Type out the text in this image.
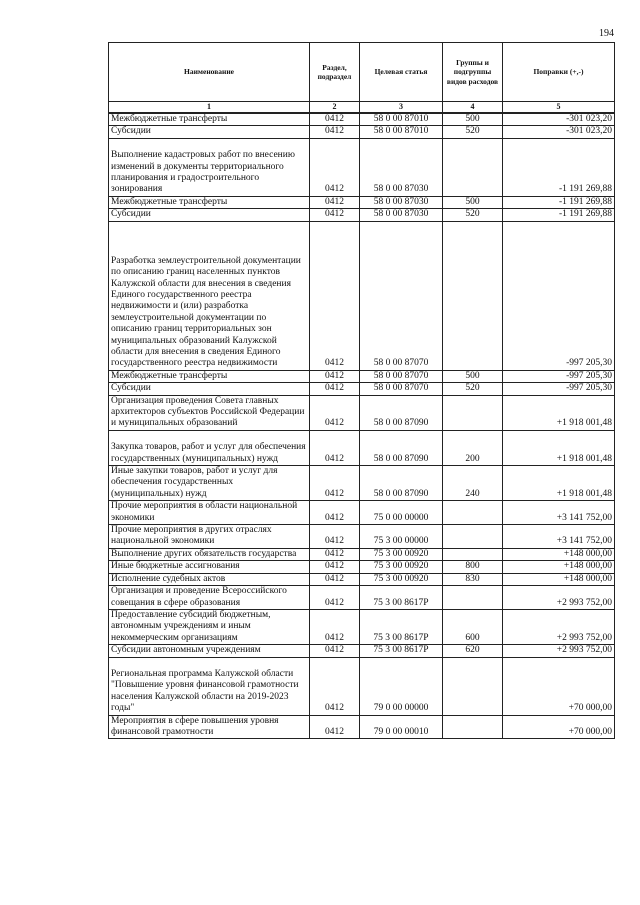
194
Наименование	Раздел, подраздел	Целевая статья	Группы и подгруппы видов расходов	Поправки (+,-)
1	2	3	4	5
Межбюджетные трансферты	0412	58 0 00 87010	500	-301 023,20
Субсидии	0412	58 0 00 87010	520	-301 023,20
Выполнение кадастровых работ по внесению изменений в документы территориального планирования и градостроительного зонирования	0412	58 0 00 87030		-1 191 269,88
Межбюджетные трансферты	0412	58 0 00 87030	500	-1 191 269,88
Субсидии	0412	58 0 00 87030	520	-1 191 269,88
Разработка землеустроительной документации по описанию границ населенных пунктов Калужской области для внесения в сведения Единого государственного реестра недвижимости и (или) разработка землеустроительной документации по описанию границ территориальных зон муниципальных образований Калужской области для внесения в сведения Единого государственного реестра недвижимости	0412	58 0 00 87070		-997 205,30
Межбюджетные трансферты	0412	58 0 00 87070	500	-997 205,30
Субсидии	0412	58 0 00 87070	520	-997 205,30
Организация проведения Совета главных архитекторов субъектов Российской Федерации и муниципальных образований	0412	58 0 00 87090		+1 918 001,48
Закупка товаров, работ и услуг для обеспечения государственных (муниципальных) нужд	0412	58 0 00 87090	200	+1 918 001,48
Иные закупки товаров, работ и услуг для обеспечения государственных (муниципальных) нужд	0412	58 0 00 87090	240	+1 918 001,48
Прочие мероприятия в области национальной экономики	0412	75 0 00 00000		+3 141 752,00
Прочие мероприятия в других отраслях национальной экономики	0412	75 3 00 00000		+3 141 752,00
Выполнение других обязательств государства	0412	75 3 00 00920		+148 000,00
Иные бюджетные ассигнования	0412	75 3 00 00920	800	+148 000,00
Исполнение судебных актов	0412	75 3 00 00920	830	+148 000,00
Организация и проведение Всероссийского совещания в сфере образования	0412	75 3 00 8617Р		+2 993 752,00
Предоставление субсидий бюджетным, автономным учреждениям и иным некоммерческим организациям	0412	75 3 00 8617Р	600	+2 993 752,00
Субсидии автономным учреждениям	0412	75 3 00 8617Р	620	+2 993 752,00
Региональная программа Калужской области "Повышение уровня финансовой грамотности населения Калужской области на 2019-2023 годы"	0412	79 0 00 00000		+70 000,00
Мероприятия в сфере повышения уровня финансовой грамотности	0412	79 0 00 00010		+70 000,00
